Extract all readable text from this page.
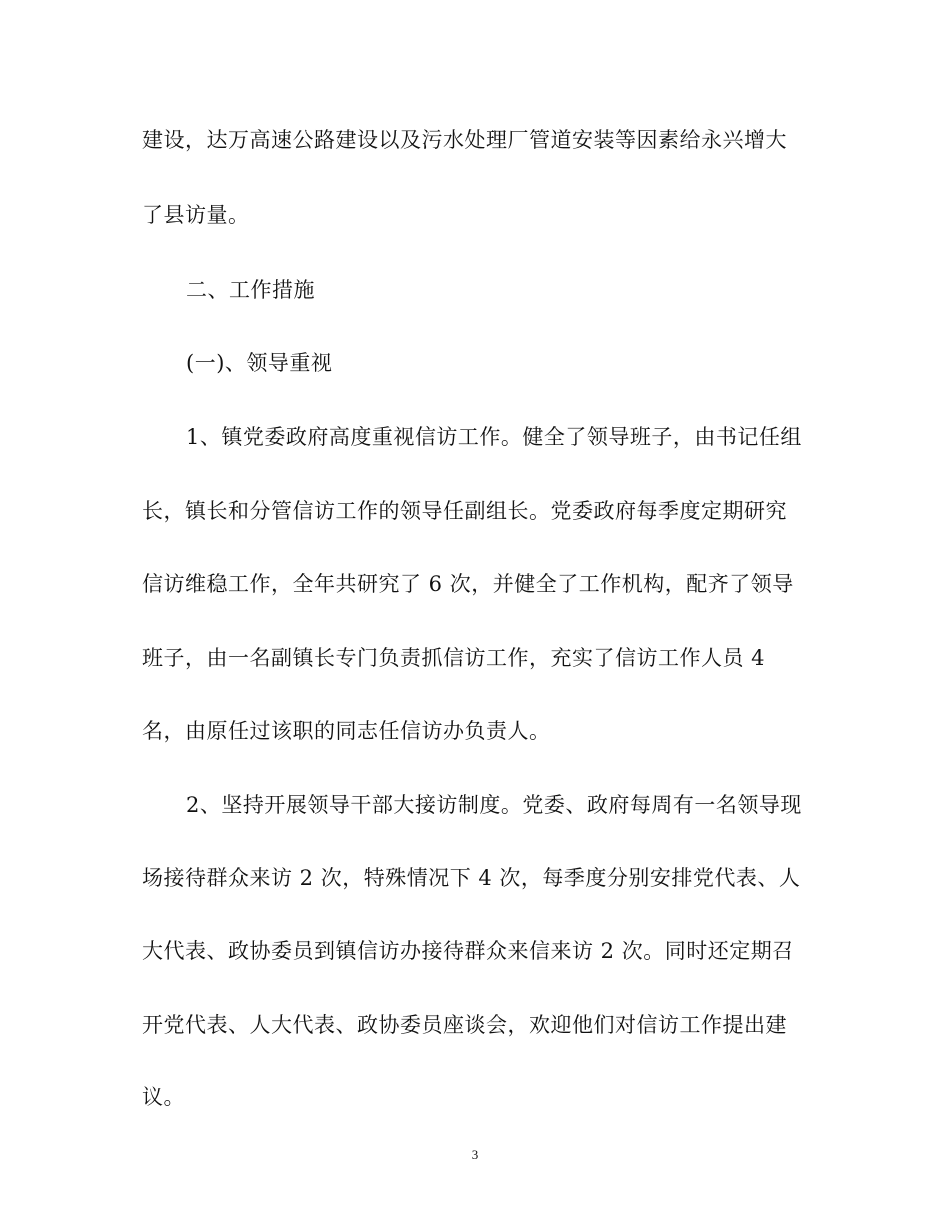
建设，达万高速公路建设以及污水处理厂管道安装等因素给永兴增大
了县访量。
二、工作措施
(一)、领导重视
1、镇党委政府高度重视信访工作。健全了领导班子，由书记任组
长，镇长和分管信访工作的领导任副组长。党委政府每季度定期研究
信访维稳工作，全年共研究了 6 次，并健全了工作机构，配齐了领导
班子，由一名副镇长专门负责抓信访工作，充实了信访工作人员 4
名，由原任过该职的同志任信访办负责人。
2、坚持开展领导干部大接访制度。党委、政府每周有一名领导现
场接待群众来访 2 次，特殊情况下 4 次，每季度分别安排党代表、人
大代表、政协委员到镇信访办接待群众来信来访 2 次。同时还定期召
开党代表、人大代表、政协委员座谈会，欢迎他们对信访工作提出建
议。
3
